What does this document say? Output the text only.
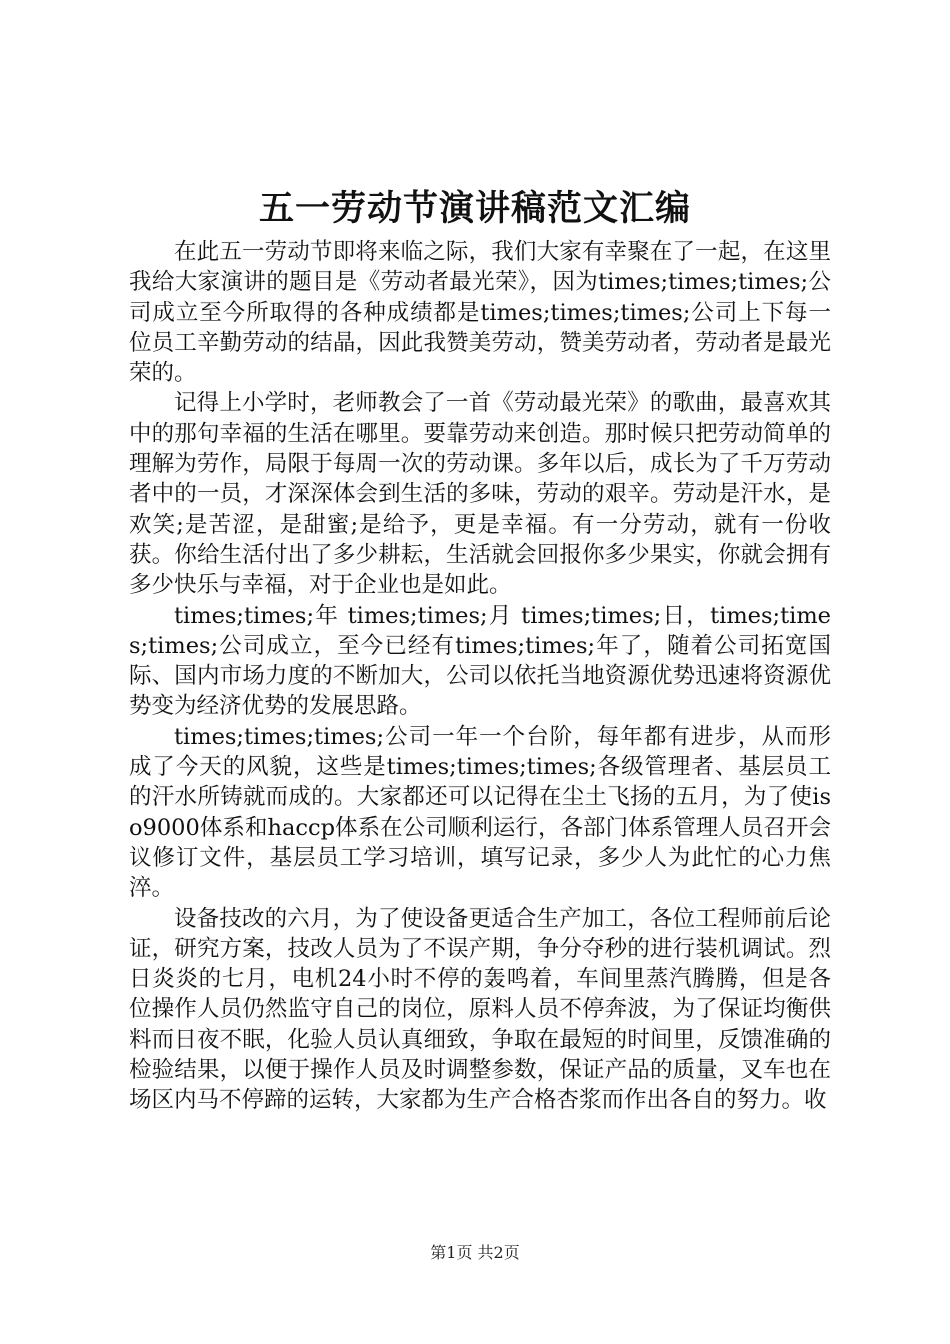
五一劳动节演讲稿范文汇编

在此五一劳动节即将来临之际，我们大家有幸聚在了一起，在这里我给大家演讲的题目是《劳动者最光荣》，因为times;times;times;公司成立至今所取得的各种成绩都是times;times;times;公司上下每一位员工辛勤劳动的结晶，因此我赞美劳动，赞美劳动者，劳动者是最光荣的。

记得上小学时，老师教会了一首《劳动最光荣》的歌曲，最喜欢其中的那句幸福的生活在哪里。要靠劳动来创造。那时候只把劳动简单的理解为劳作，局限于每周一次的劳动课。多年以后，成长为了千万劳动者中的一员，才深深体会到生活的多味，劳动的艰辛。劳动是汗水，是欢笑;是苦涩，是甜蜜;是给予，更是幸福。有一分劳动，就有一份收获。你给生活付出了多少耕耘，生活就会回报你多少果实，你就会拥有多少快乐与幸福，对于企业也是如此。

times;times;年 times;times;月 times;times;日，times;times;times;公司成立，至今已经有times;times;年了，随着公司拓宽国际、国内市场力度的不断加大，公司以依托当地资源优势迅速将资源优势变为经济优势的发展思路。

times;times;times;公司一年一个台阶，每年都有进步，从而形成了今天的风貌，这些是times;times;times;各级管理者、基层员工的汗水所铸就而成的。大家都还可以记得在尘土飞扬的五月，为了使iso9000体系和haccp体系在公司顺利运行，各部门体系管理人员召开会议修订文件，基层员工学习培训，填写记录，多少人为此忙的心力焦淬。

设备技改的六月，为了使设备更适合生产加工，各位工程师前后论证，研究方案，技改人员为了不误产期，争分夺秒的进行装机调试。烈日炎炎的七月，电机24小时不停的轰鸣着，车间里蒸汽腾腾，但是各位操作人员仍然监守自己的岗位，原料人员不停奔波，为了保证均衡供料而日夜不眠，化验人员认真细致，争取在最短的时间里，反馈准确的检验结果，以便于操作人员及时调整参数，保证产品的质量，叉车也在场区内马不停蹄的运转，大家都为生产合格杏浆而作出各自的努力。收

第1页 共2页
